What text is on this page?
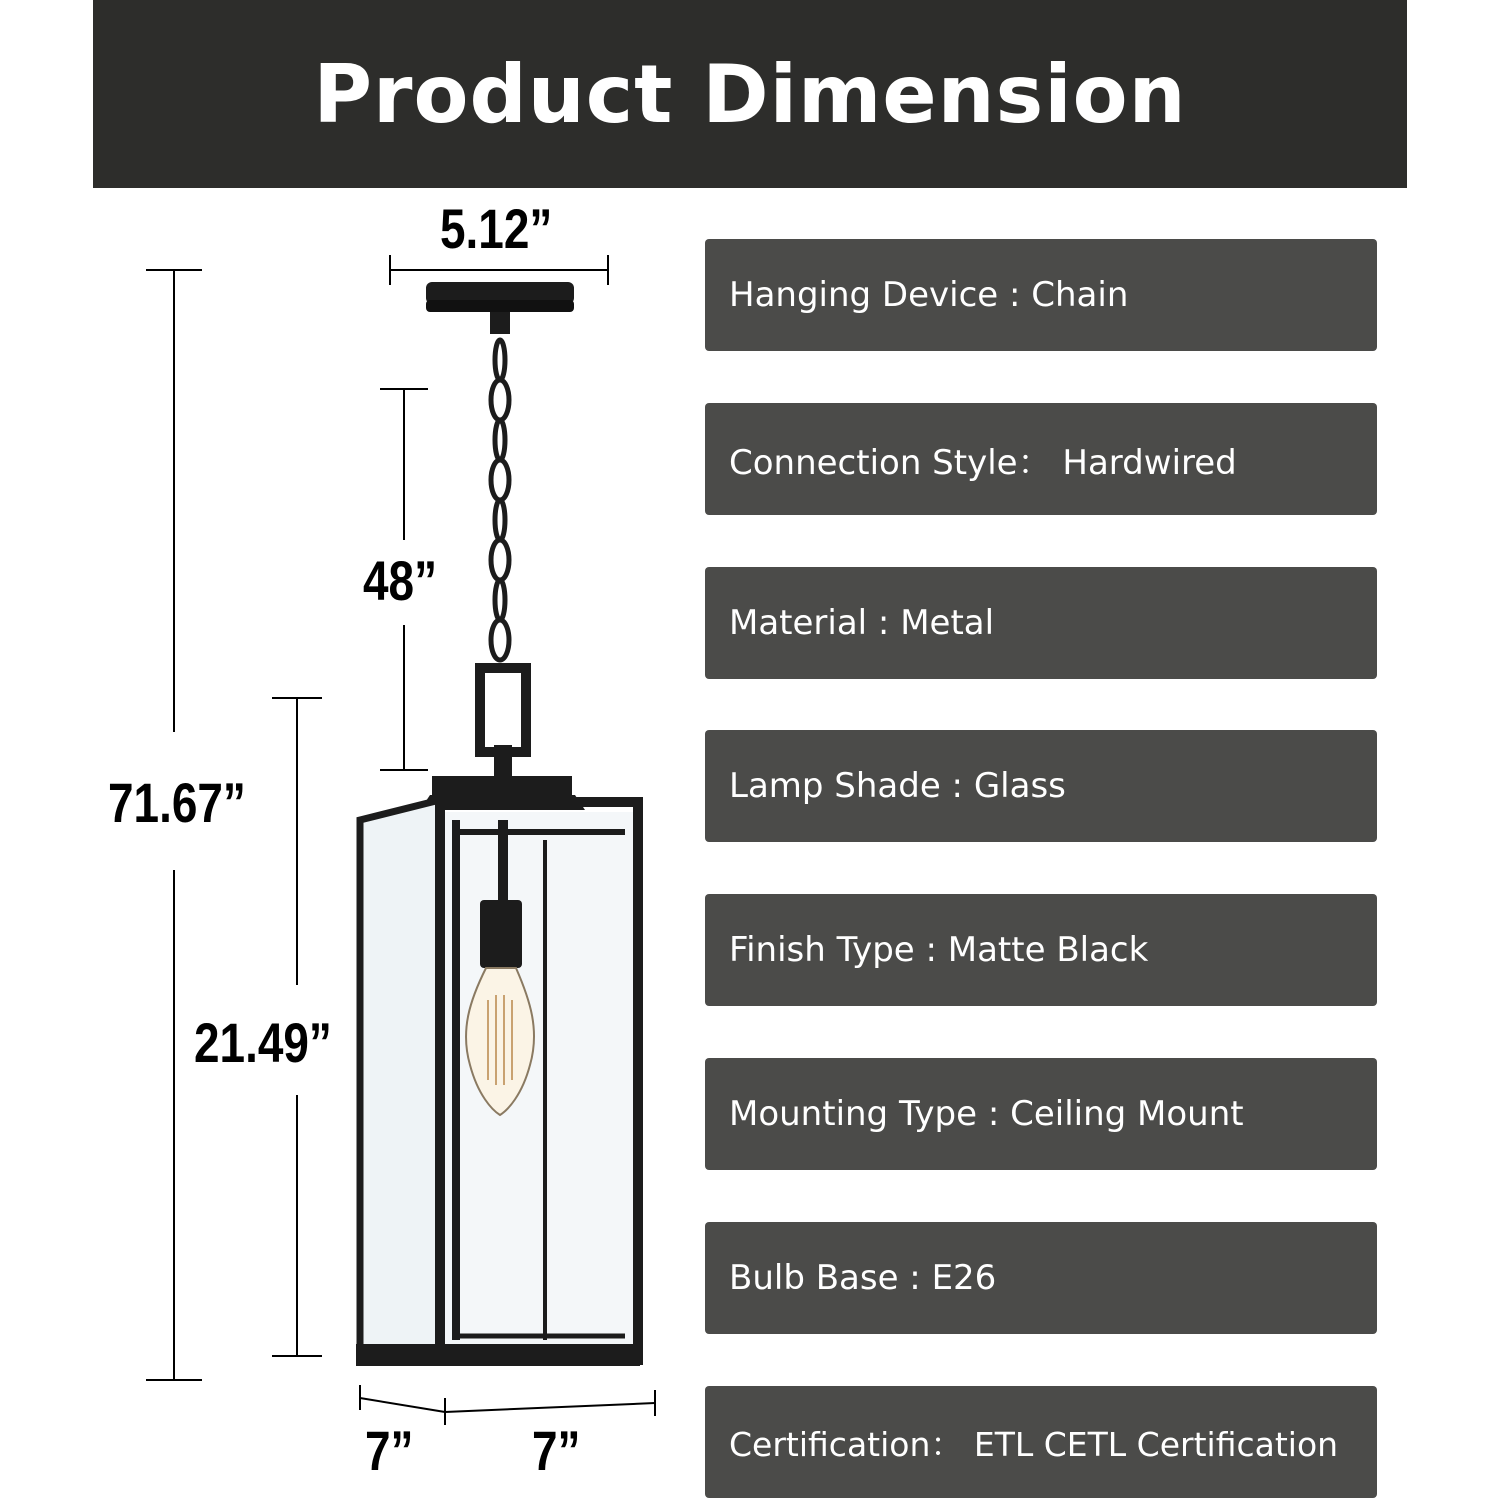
Product Dimension
5.12”
48”
71.67”
21.49”
7” 7”
Hanging Device : Chain
Connection Style： Hardwired
Material : Metal
Lamp Shade : Glass
Finish Type : Matte Black
Mounting Type : Ceiling Mount
Bulb Base : E26
Certification： ETL CETL Certification
